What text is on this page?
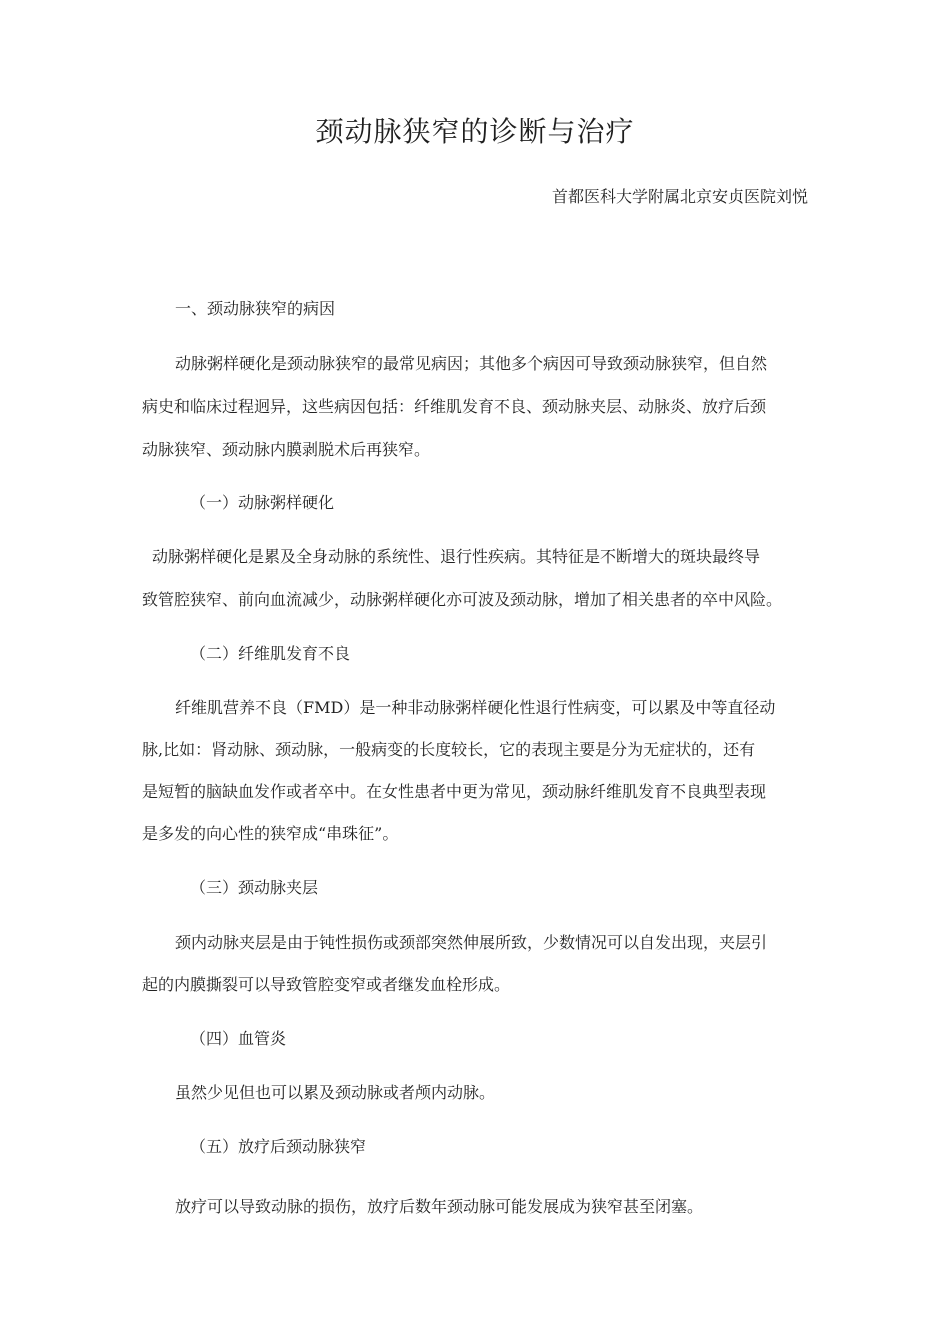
颈动脉狭窄的诊断与治疗
首都医科大学附属北京安贞医院刘悦
一、颈动脉狭窄的病因
动脉粥样硬化是颈动脉狭窄的最常见病因；其他多个病因可导致颈动脉狭窄，但自然
病史和临床过程迥异，这些病因包括：纤维肌发育不良、颈动脉夹层、动脉炎、放疗后颈
动脉狭窄、颈动脉内膜剥脱术后再狭窄。
（一）动脉粥样硬化
动脉粥样硬化是累及全身动脉的系统性、退行性疾病。其特征是不断增大的斑块最终导
致管腔狭窄、前向血流减少，动脉粥样硬化亦可波及颈动脉，增加了相关患者的卒中风险。
（二）纤维肌发育不良
纤维肌营养不良（FMD）是一种非动脉粥样硬化性退行性病变，可以累及中等直径动
脉,比如：肾动脉、颈动脉，一般病变的长度较长，它的表现主要是分为无症状的，还有
是短暂的脑缺血发作或者卒中。在女性患者中更为常见，颈动脉纤维肌发育不良典型表现
是多发的向心性的狭窄成“串珠征”。
（三）颈动脉夹层
颈内动脉夹层是由于钝性损伤或颈部突然伸展所致，少数情况可以自发出现，夹层引
起的内膜撕裂可以导致管腔变窄或者继发血栓形成。
（四）血管炎
虽然少见但也可以累及颈动脉或者颅内动脉。
（五）放疗后颈动脉狭窄
放疗可以导致动脉的损伤，放疗后数年颈动脉可能发展成为狭窄甚至闭塞。
